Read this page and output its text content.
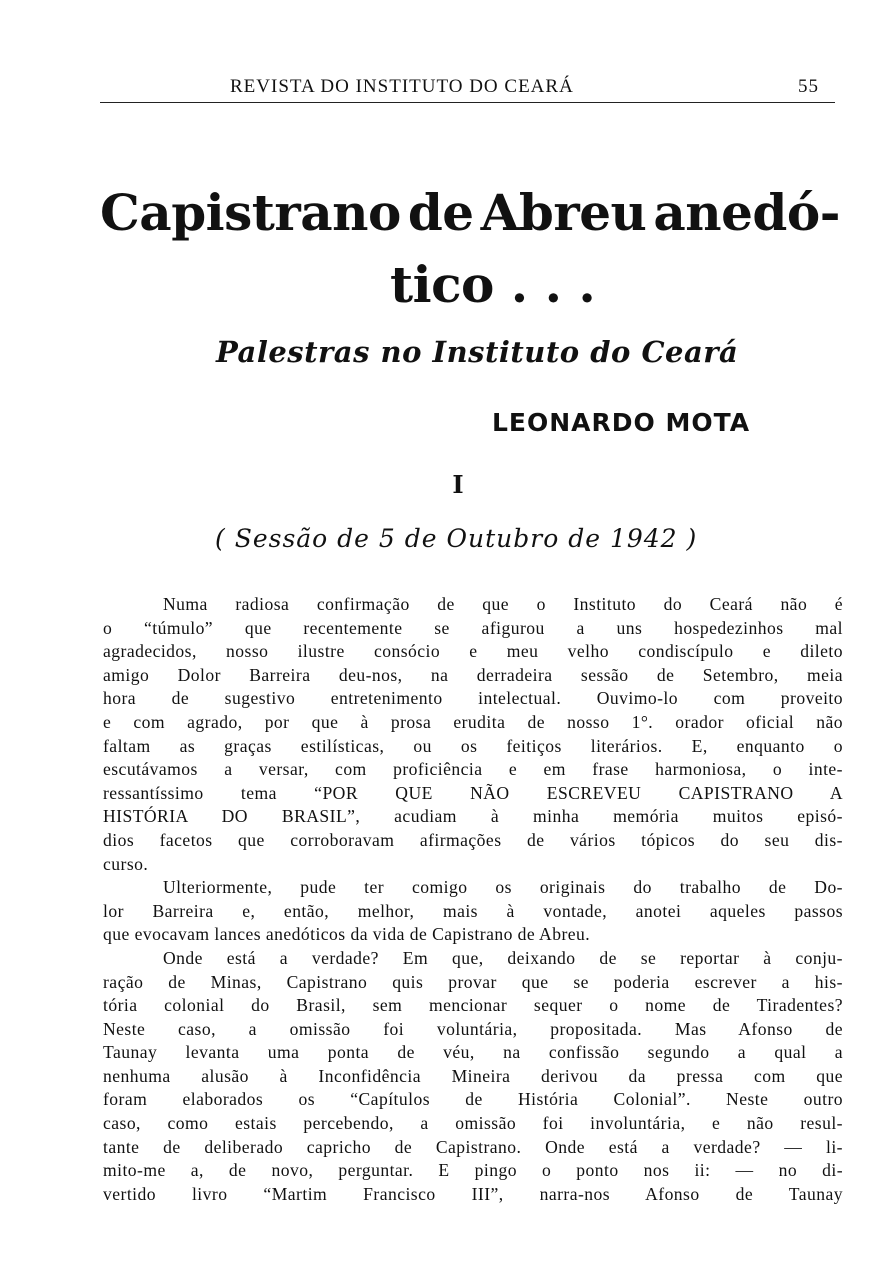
REVISTA DO INSTITUTO DO CEARÁ	55
Capistrano de Abreu anedó-
tico . . .
Palestras no Instituto do Ceará
LEONARDO MOTA
I
( Sessão de 5 de Outubro de 1942 )
Numa radiosa confirmação de que o Instituto do Ceará não é
o “túmulo” que recentemente se afigurou a uns hospedezinhos mal
agradecidos, nosso ilustre consócio e meu velho condiscípulo e dileto
amigo Dolor Barreira deu-nos, na derradeira sessão de Setembro, meia
hora de sugestivo entretenimento intelectual. Ouvimo-lo com proveito
e com agrado, por que à prosa erudita de nosso 1°. orador oficial não
faltam as graças estilísticas, ou os feitiços literários. E, enquanto o
escutávamos a versar, com proficiência e em frase harmoniosa, o inte-
ressantíssimo tema “POR QUE NÃO ESCREVEU CAPISTRANO A
HISTÓRIA DO BRASIL”, acudiam à minha memória muitos episó-
dios facetos que corroboravam afirmações de vários tópicos do seu dis-
curso.
Ulteriormente, pude ter comigo os originais do trabalho de Do-
lor Barreira e, então, melhor, mais à vontade, anotei aqueles passos
que evocavam lances anedóticos da vida de Capistrano de Abreu.
Onde está a verdade? Em que, deixando de se reportar à conju-
ração de Minas, Capistrano quis provar que se poderia escrever a his-
tória colonial do Brasil, sem mencionar sequer o nome de Tiradentes?
Neste caso, a omissão foi voluntária, propositada. Mas Afonso de
Taunay levanta uma ponta de véu, na confissão segundo a qual a
nenhuma alusão à Inconfidência Mineira derivou da pressa com que
foram elaborados os “Capítulos de História Colonial”. Neste outro
caso, como estais percebendo, a omissão foi involuntária, e não resul-
tante de deliberado capricho de Capistrano. Onde está a verdade? — li-
mito-me a, de novo, perguntar. E pingo o ponto nos ii: — no di-
vertido livro “Martim Francisco III”, narra-nos Afonso de Taunay
